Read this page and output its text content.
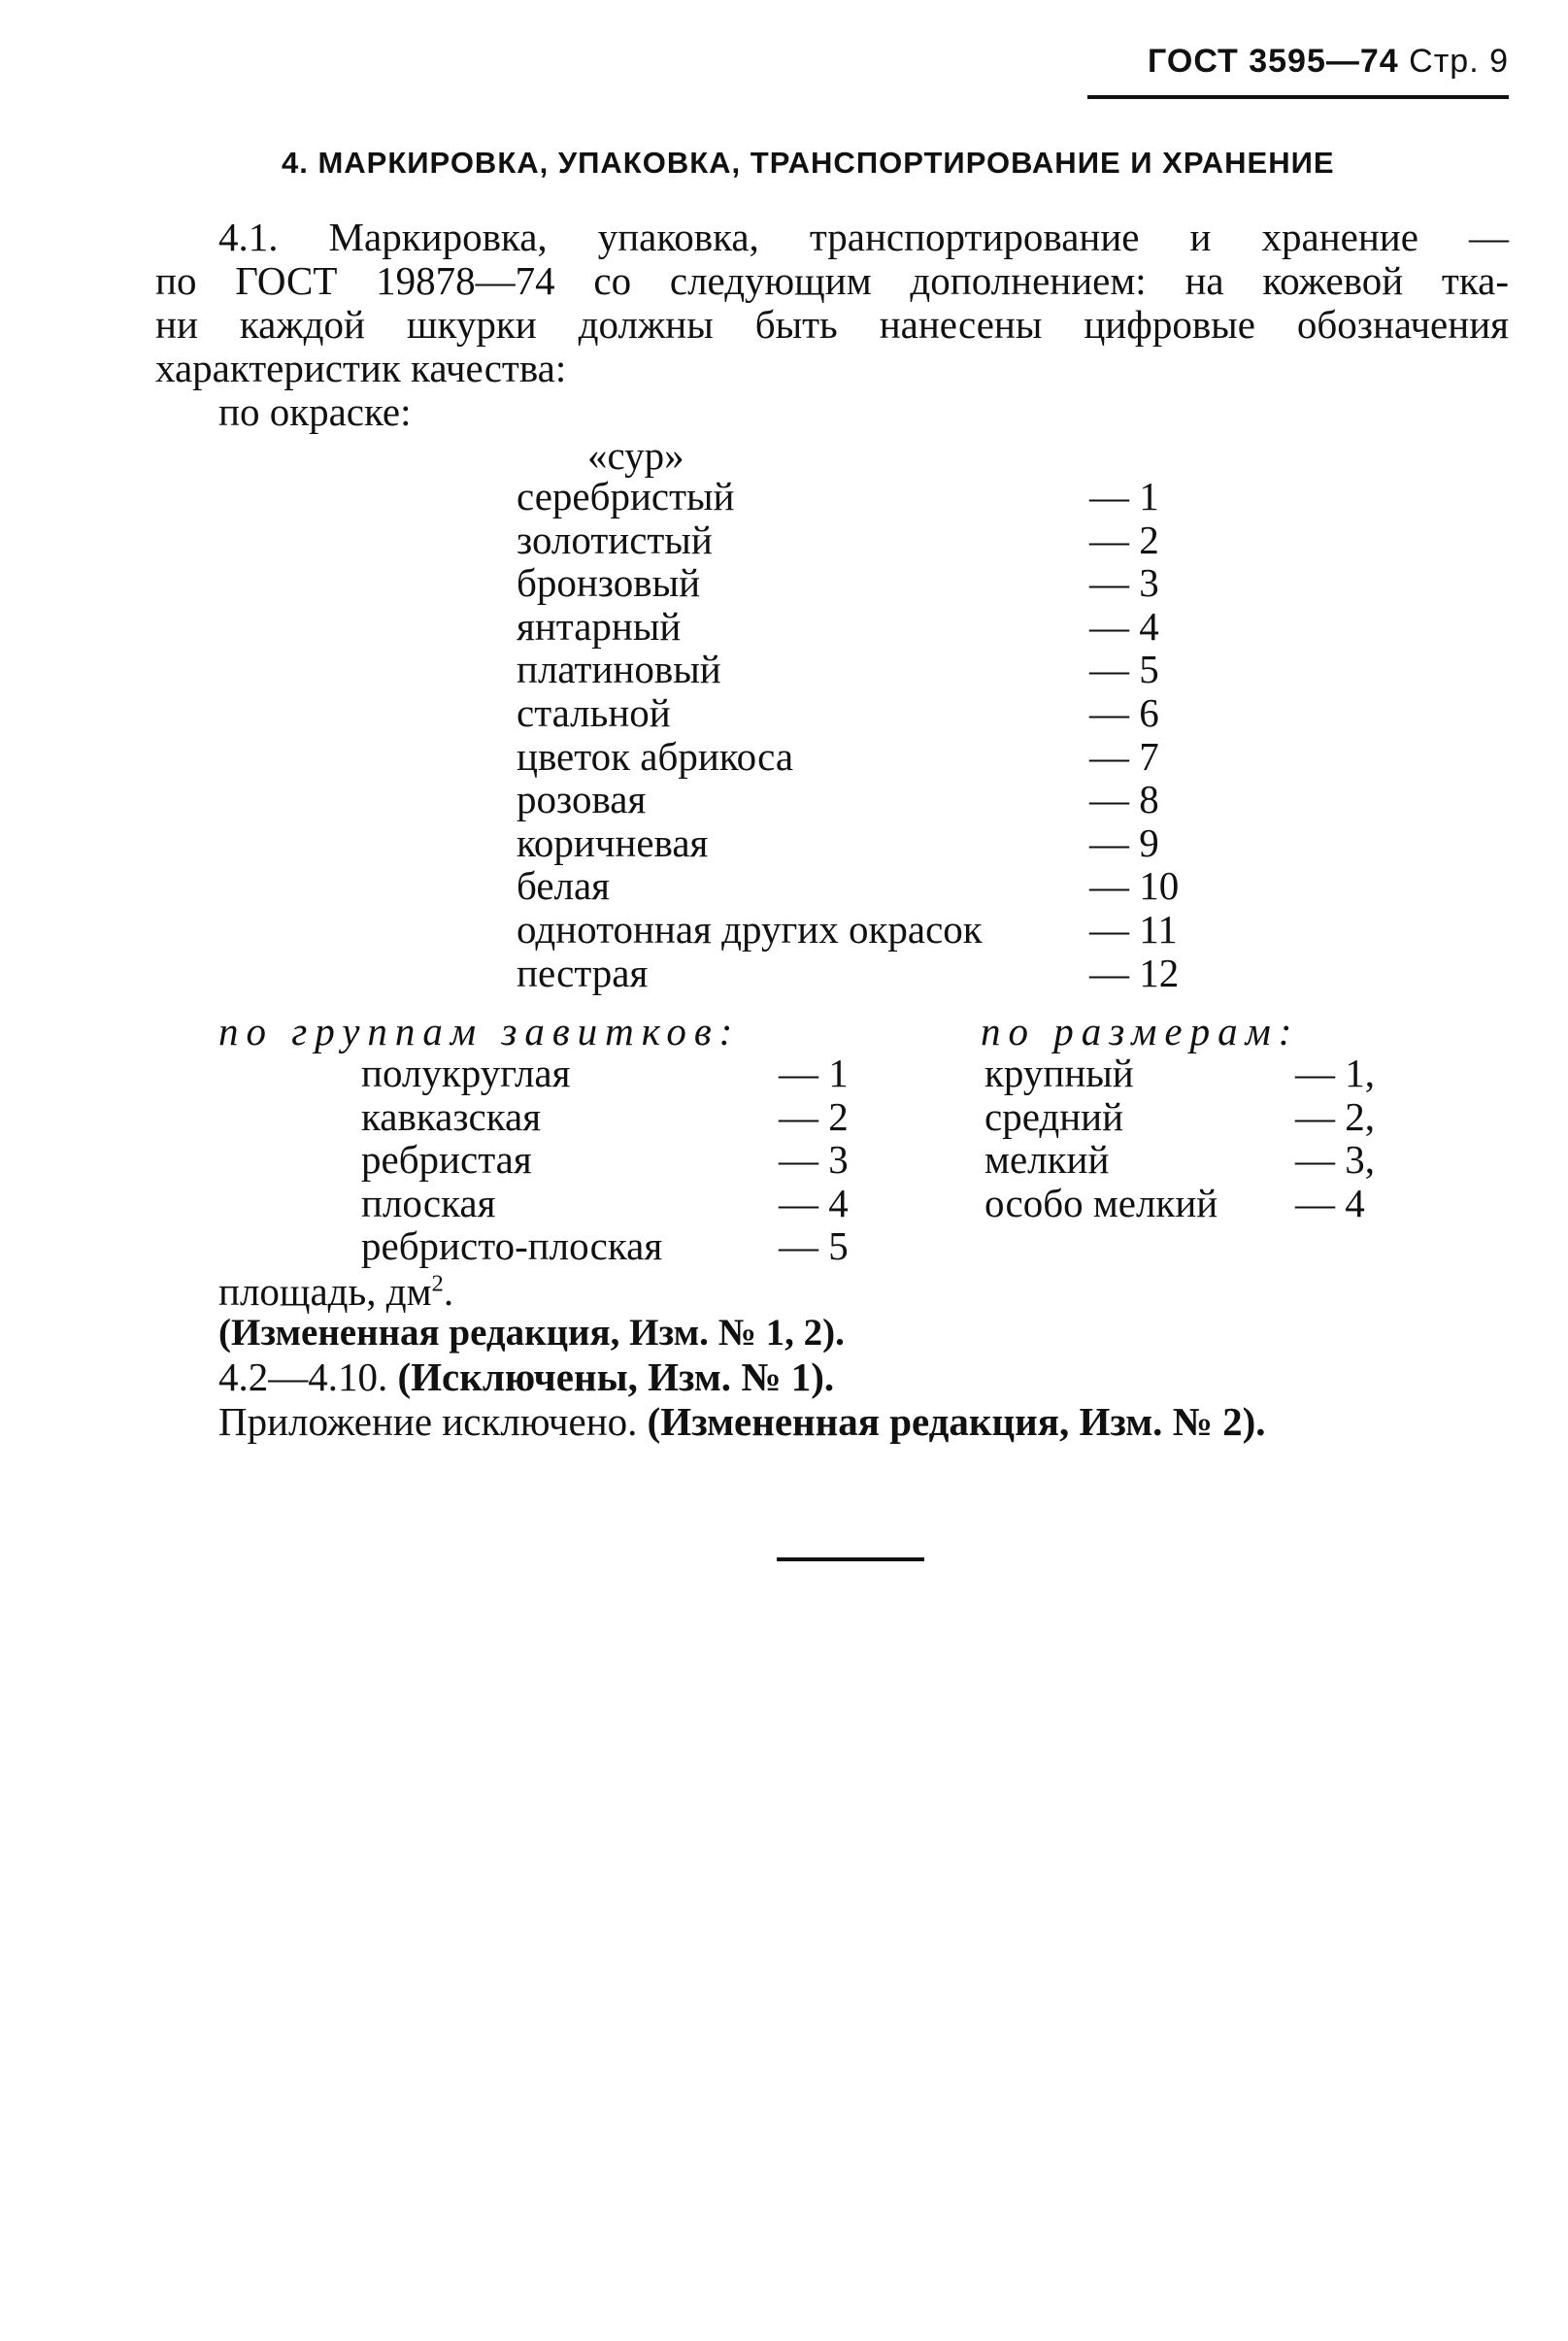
ГОСТ 3595—74 Стр. 9
4. МАРКИРОВКА, УПАКОВКА, ТРАНСПОРТИРОВАНИЕ И ХРАНЕНИЕ
4.1. Маркировка, упаковка, транспортирование и хранение —
по ГОСТ 19878—74 со следующим дополнением: на кожевой тка-
ни каждой шкурки должны быть нанесены цифровые обозначения
характеристик качества:
по окраске:
«сур»
серебристый	— 1
золотистый	— 2
бронзовый	— 3
янтарный	— 4
платиновый	— 5
стальной	— 6
цветок абрикоса	— 7
розовая	— 8
коричневая	— 9
белая	— 10
однотонная других окрасок	— 11
пестрая	— 12
по группам завитков:	по размерам:
полукруглая	— 1
кавказская	— 2
ребристая	— 3
плоская	— 4
ребристо-плоская	— 5
крупный	— 1,
средний	— 2,
мелкий	— 3,
особо мелкий — 4
площадь, $дм^2$.
(Измененная редакция, Изм. № 1, 2).
4.2—4.10. (Исключены, Изм. № 1).
Приложение исключено. (Измененная редакция, Изм. № 2).
